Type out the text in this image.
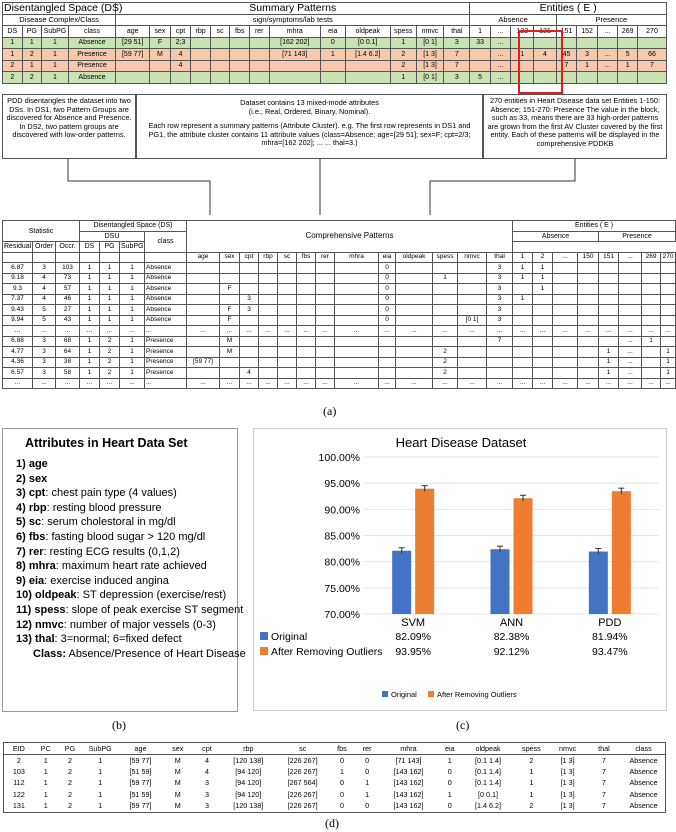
Disentangled Space (DS)				Summary Patterns													Entities ( E )								
Disease Complex/Class				sign/symptoms/lab tests													Absence				Presence				
DS	PG	SubPG	class	age	sex	cpt	rbp	sc	fbs	rer	mhra	eia	oldpeak	spess	nmvc	thal	1	...	122	131	151	152	...	269	270
1	1	1	Absence	[29 51]	F	2;3					[162 202]	0	[0 0.1]	1	[0 1]	3	33	...							
1	2	1	Presence	[59 77]	M	4					[71 143]	1	[1.4 6.2]	2	[1 3]	7		...	1	4	45	3	...	5	66
2	1	1	Presence			4								2	[1 3]	7		...			7	1	...	1	7
2	2	1	Absence											1	[0 1]	3	5	...							
PDD disentangles the dataset into two DSs. In DS1, two Pattern Groups are discovered for Absence and Presence. In DS2, two pattern groups are discovered with low-order patterns.
Dataset contains 13 mixed-mode attributes
(i.e., Real, Ordered, Binary, Nominal).
Each row represent a summary patterns (Attribute Cluster). e.g. The first row represents in DS1 and PG1, the attribute cluster contains 11 attribute values (class=Absence; age=[29 51]; sex=F; cpt=2/3; mhra=[162 202]; ... ... thal=3.)
270 entities in Heart Disease data set Entities 1-150: Absence; 151-270: Presence The value in the block, such as 33, means there are 33 high-order patterns are grown from the first AV Cluster covered by the first entity. Each of these patterns will be displayed in the comprehensive PDDKB
Statistic			Disentangled Space (DS)				Comprehensive Patterns													Entities ( E )							
			DSU			class														Absence				Presence			
Residual	Order	Occr.	DS	PG	SubPG																						
							age	sex	cpt	rbp	sc	fbs	rer	mhra	eia	oldpeak	spess	nmvc	thal	1	2	...	150	151	...	269	270
6.87	3	103	1	1	1	Absence									0				3	1	1						
9.18	4	73	1	1	1	Absence									0		1		3	1	1						
9.3	4	57	1	1	1	Absence		F							0				3		1						
7.37	4	46	1	1	1	Absence			3						0				3	1							
9.43	5	27	1	1	1	Absence		F	3						0				3								
9.94	5	43	1	1	1	Absence		F							0			[0 1]	3								
...	...	...	...	...	...	...	...	...	...	...	...	...	...	...	...	...	...	...	...	...	...	...	...	...	...	...	...
6.88	3	68	1	2	1	Presence		M											7						...	1	
4.77	3	64	1	2	1	Presence		M									2							1	...		1
4.36	3	38	1	2	1	Presence	[59 77]										2							1	...		1
6.57	3	58	1	2	1	Presence			4								2							1	...		1
...	...	...	...	...	...	...	...	...	...	...	...	...	...	...	...	...	...	...	...	...	...	...	...	...	...	...	...
(a)
Attributes in Heart Data Set
1) age
2) sex
3) cpt: chest pain type (4 values)
4) rbp: resting blood pressure
5) sc: serum cholestoral in mg/dl
6) fbs: fasting blood sugar > 120 mg/dl
7) rer: resting ECG results (0,1,2)
8) mhra: maximum heart rate achieved
9) eia: exercise induced angina
10) oldpeak: ST depression (exercise/rest)
11) spess: slope of peak exercise ST segment
12) nmvc: number of major vessels (0-3)
13) thal: 3=normal; 6=fixed defect
Class: Absence/Presence of Heart Disease
(b)
Heart Disease Dataset
70.00%
75.00%
80.00%
85.00%
90.00%
95.00%
100.00%
SVM	ANN	PDD
Original	82.09%	82.38%	81.94%
After Removing Outliers 93.95%	92.12%	93.47%
Original	After Removing Outliers
(c)
EID	PC	PG	SubPG	age	sex	cpt	rbp	sc	fbs	rer	mhra	eia	oldpeak	spess	nmvc	thal	class
2	1	2	1	[59 77]	M	4	[120 138]	[226 267]	0	0	[71 143]	1	[0.1 1.4]	2	[1 3]	7	Absence
103	1	2	1	[51 59]	M	4	[94 120]	[226 267]	1	0	[143 162]	0	[0.1 1.4]	1	[1 3]	7	Absence
112	1	2	1	[59 77]	M	3	[94 120]	[267 564]	0	1	[143 162]	0	[0.1 1.4]	1	[1 3]	7	Absence
122	1	2	1	[51 59]	M	3	[94 120]	[226 267]	0	1	[143 162]	1	[0 0.1]	1	[1 3]	7	Absence
131	1	2	1	[59 77]	M	3	[120 138]	[226 267]	0	0	[143 162]	0	[1.4 6.2]	2	[1 3]	7	Absence
(d)
